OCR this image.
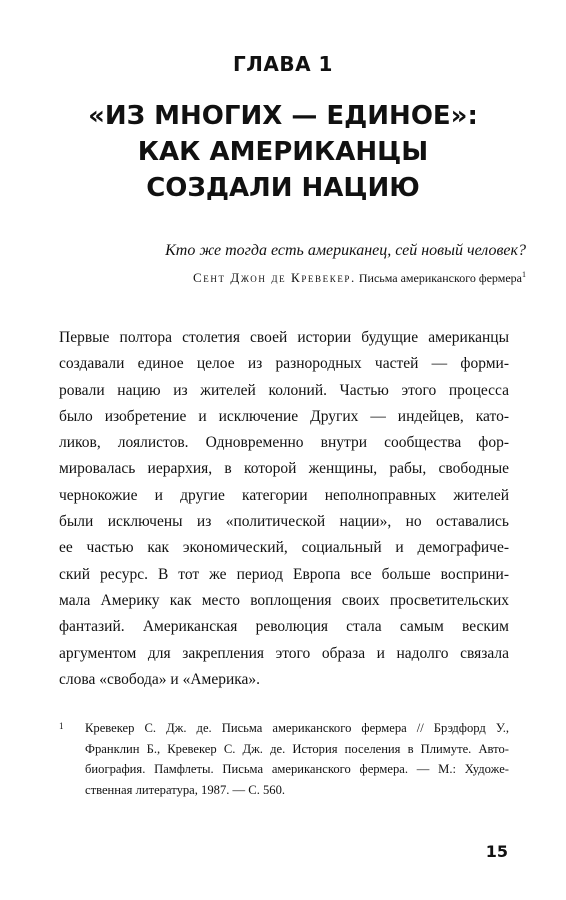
ГЛАВА 1
«ИЗ МНОГИХ — ЕДИНОЕ»:
КАК АМЕРИКАНЦЫ
СОЗДАЛИ НАЦИЮ
Кто же тогда есть американец, сей новый человек?
Сент Джон де Кревекер. Письма американского фермера$^1$
Первые полтора столетия своей истории будущие американцы
создавали единое целое из разнородных частей — форми-
ровали нацию из жителей колоний. Частью этого процесса
было изобретение и исключение Других — индейцев, като-
ликов, лоялистов. Одновременно внутри сообщества фор-
мировалась иерархия, в которой женщины, рабы, свободные
чернокожие и другие категории неполноправных жителей
были исключены из «политической нации», но оставались
ее частью как экономический, социальный и демографиче-
ский ресурс. В тот же период Европа все больше восприни-
мала Америку как место воплощения своих просветительских
фантазий. Американская революция стала самым веским
аргументом для закрепления этого образа и надолго связала
слова «свобода» и «Америка».
1 Кревекер С. Дж. де. Письма американского фермера // Брэдфорд У.,
Франклин Б., Кревекер С. Дж. де. История поселения в Плимуте. Авто-
биография. Памфлеты. Письма американского фермера. — М.: Художе-
ственная литература, 1987. — С. 560.
15
